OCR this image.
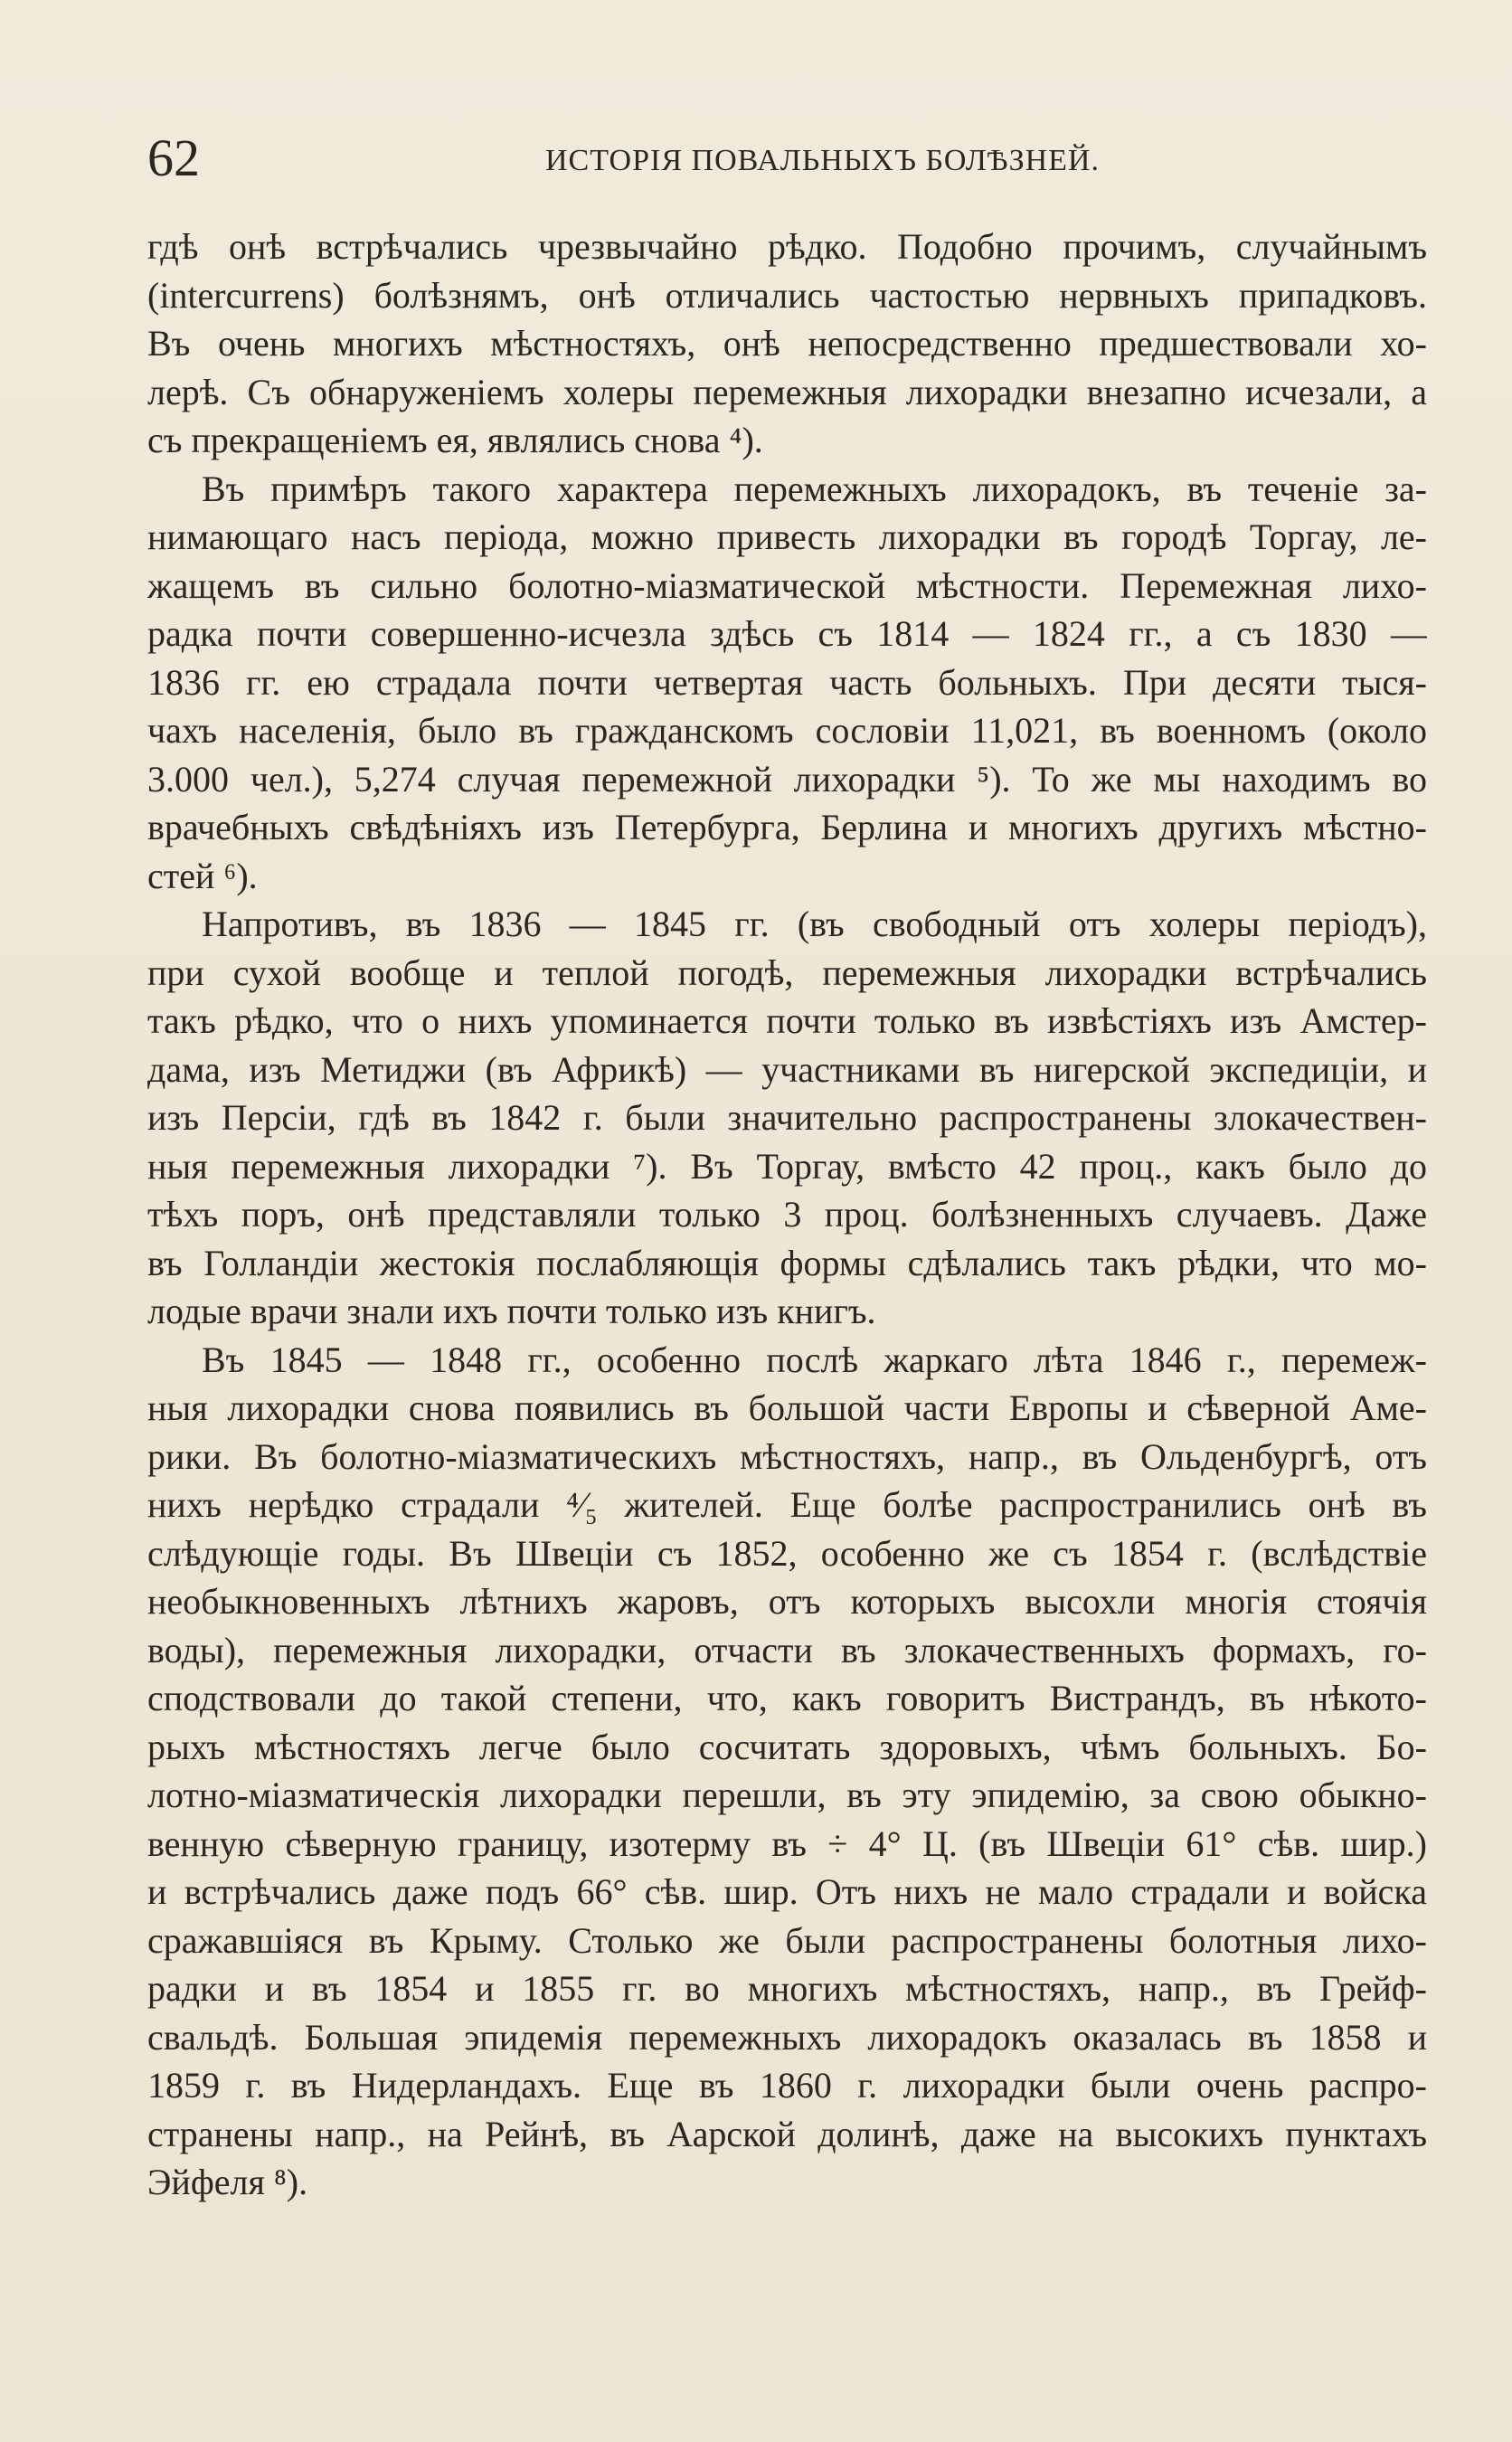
62	ИСТОРІЯ ПОВАЛЬНЫХЪ БОЛѢЗНЕЙ.
гдѣ онѣ встрѣчались чрезвычайно рѣдко. Подобно прочимъ, случайнымъ
(intercurrens) болѣзнямъ, онѣ отличались частостью нервныхъ припадковъ.
Въ очень многихъ мѣстностяхъ, онѣ непосредственно предшествовали хо-
лерѣ. Съ обнаруженіемъ холеры перемежныя лихорадки внезапно исчезали, а
съ прекращеніемъ ея, являлись снова ⁴).
Въ примѣръ такого характера перемежныхъ лихорадокъ, въ теченіе за-
нимающаго насъ періода, можно привесть лихорадки въ городѣ Торгау, ле-
жащемъ въ сильно болотно-міазматической мѣстности. Перемежная лихо-
радка почти совершенно-исчезла здѣсь съ 1814 — 1824 гг., а съ 1830 —
1836 гг. ею страдала почти четвертая часть больныхъ. При десяти тыся-
чахъ населенія, было въ гражданскомъ сословіи 11,021, въ военномъ (около
3.000 чел.), 5,274 случая перемежной лихорадки ⁵). То же мы находимъ во
врачебныхъ свѣдѣніяхъ изъ Петербурга, Берлина и многихъ другихъ мѣстно-
стей ⁶).
Напротивъ, въ 1836 — 1845 гг. (въ свободный отъ холеры періодъ),
при сухой вообще и теплой погодѣ, перемежныя лихорадки встрѣчались
такъ рѣдко, что о нихъ упоминается почти только въ извѣстіяхъ изъ Амстер-
дама, изъ Метиджи (въ Африкѣ) — участниками въ нигерской экспедиціи, и
изъ Персіи, гдѣ въ 1842 г. были значительно распространены злокачествен-
ныя перемежныя лихорадки ⁷). Въ Торгау, вмѣсто 42 проц., какъ было до
тѣхъ поръ, онѣ представляли только 3 проц. болѣзненныхъ случаевъ. Даже
въ Голландіи жестокія послабляющія формы сдѣлались такъ рѣдки, что мо-
лодые врачи знали ихъ почти только изъ книгъ.
Въ 1845 — 1848 гг., особенно послѣ жаркаго лѣта 1846 г., перемеж-
ныя лихорадки снова появились въ большой части Европы и сѣверной Аме-
рики. Въ болотно-міазматическихъ мѣстностяхъ, напр., въ Ольденбургѣ, отъ
нихъ нерѣдко страдали ⁴⁄₅ жителей. Еще болѣе распространились онѣ въ
слѣдующіе годы. Въ Швеціи съ 1852, особенно же съ 1854 г. (вслѣдствіе
необыкновенныхъ лѣтнихъ жаровъ, отъ которыхъ высохли многія стоячія
воды), перемежныя лихорадки, отчасти въ злокачественныхъ формахъ, го-
сподствовали до такой степени, что, какъ говоритъ Вистрандъ, въ нѣкото-
рыхъ мѣстностяхъ легче было сосчитать здоровыхъ, чѣмъ больныхъ. Бо-
лотно-міазматическія лихорадки перешли, въ эту эпидемію, за свою обыкно-
венную сѣверную границу, изотерму въ ÷ 4° Ц. (въ Швеціи 61° сѣв. шир.)
и встрѣчались даже подъ 66° сѣв. шир. Отъ нихъ не мало страдали и войска
сражавшіяся въ Крыму. Столько же были распространены болотныя лихо-
радки и въ 1854 и 1855 гг. во многихъ мѣстностяхъ, напр., въ Грейф-
свальдѣ. Большая эпидемія перемежныхъ лихорадокъ оказалась въ 1858 и
1859 г. въ Нидерландахъ. Еще въ 1860 г. лихорадки были очень распро-
странены напр., на Рейнѣ, въ Аарской долинѣ, даже на высокихъ пунктахъ
Эйфеля ⁸).
